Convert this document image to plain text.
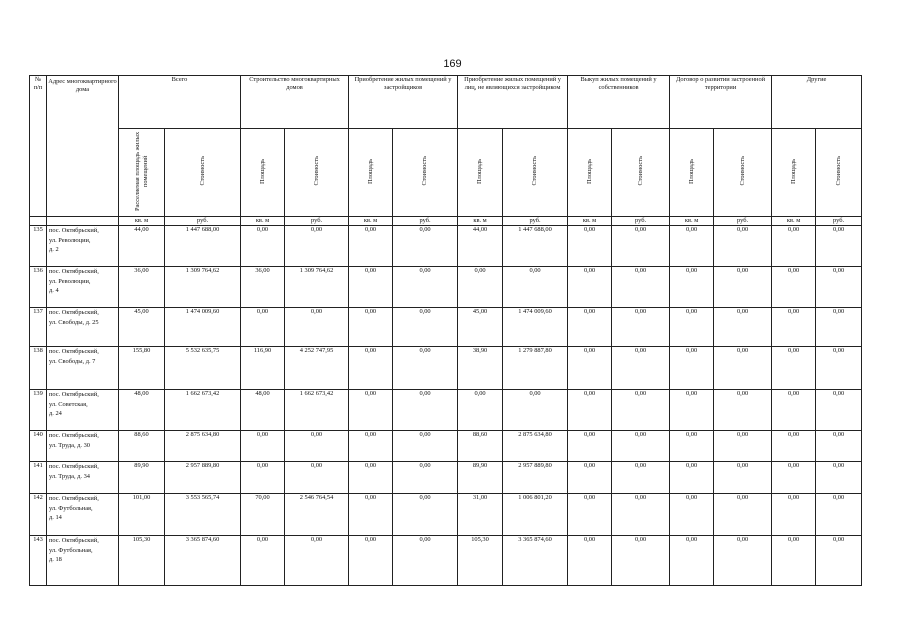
169
№
п/п	Адрес многоквартирного дома	Всего		Строительство многоквартирных домов		Приобретение жилых помещений у застройщиков		Приобретение жилых помещений у лиц, не являющихся застройщиком		Выкуп жилых помещений у собственников		Договор о развитии застроенной территории		Другие	
		Расселяемая площадь жилых помещений	Стоимость	Площадь	Стоимость	Площадь	Стоимость	Площадь	Стоимость	Площадь	Стоимость	Площадь	Стоимость	Площадь	Стоимость
		кв. м	руб.	кв. м	руб.	кв. м	руб.	кв. м	руб.	кв. м	руб.	кв. м	руб.	кв. м	руб.
135	пос. Октябрьский,
ул. Революции,
д. 2	44,00	1 447 688,00	0,00	0,00	0,00	0,00	44,00	1 447 688,00	0,00	0,00	0,00	0,00	0,00	0,00
136	пос. Октябрьский,
ул. Революции,
д. 4	36,00	1 309 764,62	36,00	1 309 764,62	0,00	0,00	0,00	0,00	0,00	0,00	0,00	0,00	0,00	0,00
137	пос. Октябрьский,
ул. Свободы, д. 25	45,00	1 474 009,60	0,00	0,00	0,00	0,00	45,00	1 474 009,60	0,00	0,00	0,00	0,00	0,00	0,00
138	пос. Октябрьский,
ул. Свободы, д. 7	155,80	5 532 635,75	116,90	4 252 747,95	0,00	0,00	38,90	1 279 887,80	0,00	0,00	0,00	0,00	0,00	0,00
139	пос. Октябрьский,
ул. Советская,
д. 24	48,00	1 662 673,42	48,00	1 662 673,42	0,00	0,00	0,00	0,00	0,00	0,00	0,00	0,00	0,00	0,00
140	пос. Октябрьский,
ул. Труда, д. 30	88,60	2 875 634,80	0,00	0,00	0,00	0,00	88,60	2 875 634,80	0,00	0,00	0,00	0,00	0,00	0,00
141	пос. Октябрьский,
ул. Труда, д. 34	89,90	2 957 889,80	0,00	0,00	0,00	0,00	89,90	2 957 889,80	0,00	0,00	0,00	0,00	0,00	0,00
142	пос. Октябрьский,
ул. Футбольная,
д. 14	101,00	3 553 565,74	70,00	2 546 764,54	0,00	0,00	31,00	1 006 801,20	0,00	0,00	0,00	0,00	0,00	0,00
143	пос. Октябрьский,
ул. Футбольная,
д. 18	105,30	3 365 874,60	0,00	0,00	0,00	0,00	105,30	3 365 874,60	0,00	0,00	0,00	0,00	0,00	0,00
